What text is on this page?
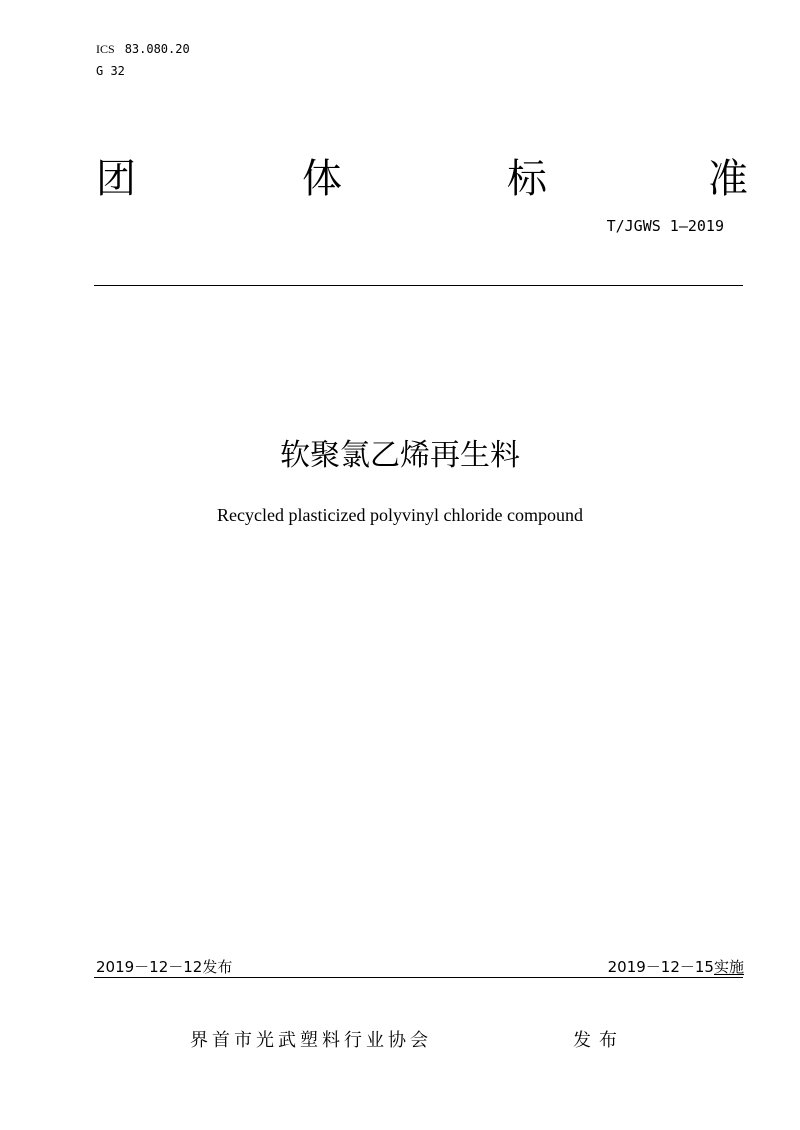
ICS 83.080.20
G 32
团	体	标	准
T/JGWS 1—2019
软聚氯乙烯再生料
Recycled plasticized polyvinyl chloride compound
2019－12－12发布	2019－12－15实施
界首市光武塑料行业协会	发布
